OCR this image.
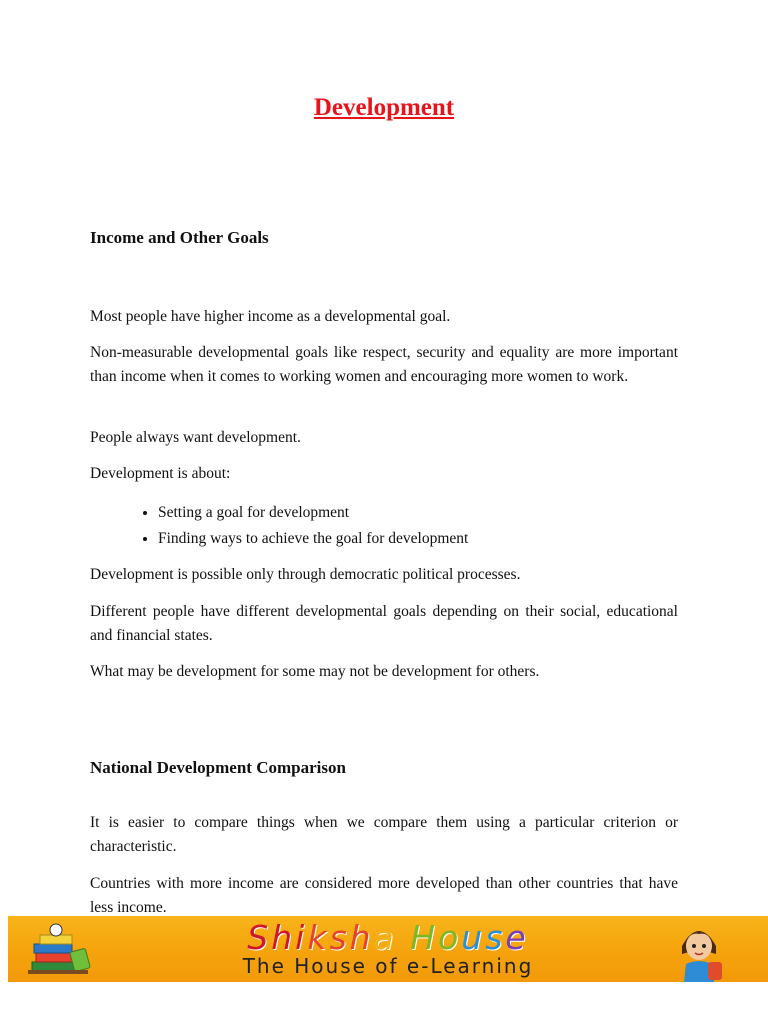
Development
Income and Other Goals

Most people have higher income as a developmental goal.

Non-measurable developmental goals like respect, security and equality are more important than income when it comes to working women and encouraging more women to work.

People always want development.

Development is about:

• Setting a goal for development
• Finding ways to achieve the goal for development

Development is possible only through democratic political processes.

Different people have different developmental goals depending on their social, educational and financial states.

What may be development for some may not be development for others.

National Development Comparison

It is easier to compare things when we compare them using a particular criterion or characteristic.

Countries with more income are considered more developed than other countries that have less income.

Shiksha House
The House of e-Learning
